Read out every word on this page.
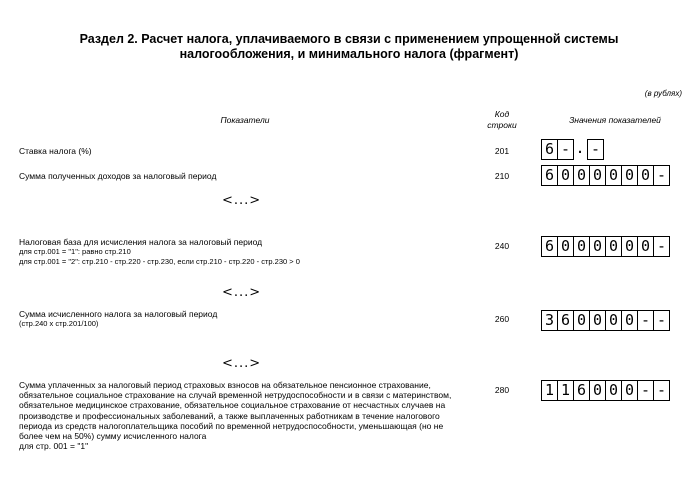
Раздел 2. Расчет налога, уплачиваемого в связи с применением упрощенной системы налогообложения, и минимального налога (фрагмент)
(в рублях)
Показатели
Код
строки	Значения показателей
Ставка налога (%)	201	6 - . -
Сумма полученных доходов за налоговый период	210	6 0 0 0 0 0 0 -
<...>
Налоговая база для исчисления налога за налоговый период
для стр.001 = "1": равно стр.210
для стр.001 = "2": стр.210 - стр.220 - стр.230, если стр.210 - стр.220 - стр.230 > 0
240	6 0 0 0 0 0 0 -
<...>
Сумма исчисленного налога за налоговый период
(стр.240 х стр.201/100)	260	3 6 0 0 0 0 - -
<...>
Сумма уплаченных за налоговый период страховых взносов на обязательное пенсионное страхование, обязательное социальное страхование на случай временной нетрудоспособности и в связи с материнством, обязательное медицинское страхование, обязательное социальное страхование от несчастных случаев на производстве и профессиональных заболеваний, а также выплаченных работникам в течение налогового периода из средств налогоплательщика пособий по временной нетрудоспособности, уменьшающая (но не более чем на 50%) сумму исчисленного налога
для стр. 001 = "1"
280	1 1 6 0 0 0 - -
